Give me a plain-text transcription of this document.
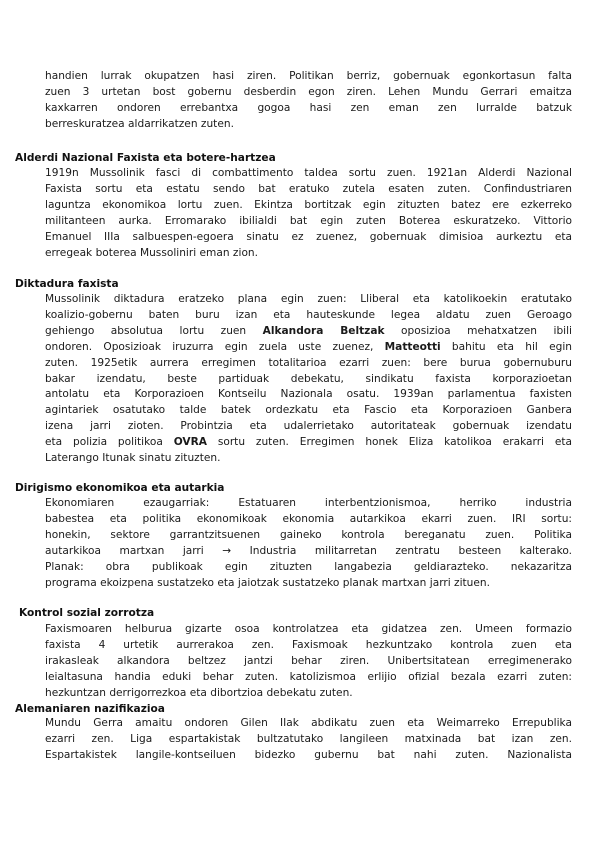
handien lurrak okupatzen hasi ziren. Politikan berriz, gobernuak egonkortasun falta
zuen 3 urtetan bost gobernu desberdin egon ziren. Lehen Mundu Gerrari emaitza
kaxkarren ondoren errebantxa gogoa hasi zen eman zen lurralde batzuk
berreskuratzea aldarrikatzen zuten.
Alderdi Nazional Faxista eta botere-hartzea
1919n Mussolinik fasci di combattimento taldea sortu zuen. 1921an Alderdi Nazional
Faxista sortu eta estatu sendo bat eratuko zutela esaten zuten. Confindustriaren
laguntza ekonomikoa lortu zuen. Ekintza bortitzak egin zituzten batez ere ezkerreko
militanteen aurka. Erromarako ibilialdi bat egin zuten Boterea eskuratzeko. Vittorio
Emanuel IIIa salbuespen-egoera sinatu ez zuenez, gobernuak dimisioa aurkeztu eta
erregeak boterea Mussoliniri eman zion.
Diktadura faxista
Mussolinik diktadura eratzeko plana egin zuen: Lliberal eta katolikoekin eratutako
koalizio-gobernu baten buru izan eta hauteskunde legea aldatu zuen Geroago
gehiengo absolutua lortu zuen Alkandora Beltzak oposizioa mehatxatzen ibili
ondoren. Oposizioak iruzurra egin zuela uste zuenez, Matteotti bahitu eta hil egin
zuten. 1925etik aurrera erregimen totalitarioa ezarri zuen: bere burua gobernuburu
bakar izendatu, beste partiduak debekatu, sindikatu faxista korporazioetan
antolatu eta Korporazioen Kontseilu Nazionala osatu. 1939an parlamentua faxisten
agintariek osatutako talde batek ordezkatu eta Fascio eta Korporazioen Ganbera
izena jarri zioten. Probintzia eta udalerrietako autoritateak gobernuak izendatu
eta polizia politikoa OVRA sortu zuten. Erregimen honek Eliza katolikoa erakarri eta
Laterango Itunak sinatu zituzten.
Dirigismo ekonomikoa eta autarkia
Ekonomiaren ezaugarriak: Estatuaren interbentzionismoa, herriko industria
babestea eta politika ekonomikoak ekonomia autarkikoa ekarri zuen. IRI sortu:
honekin, sektore garrantzitsuenen gaineko kontrola bereganatu zuen. Politika
autarkikoa martxan jarri → Industria militarretan zentratu besteen kalterako.
Planak: obra publikoak egin zituzten langabezia geldiarazteko. nekazaritza
programa ekoizpena sustatzeko eta jaiotzak sustatzeko planak martxan jarri zituen.
Kontrol sozial zorrotza
Faxismoaren helburua gizarte osoa kontrolatzea eta gidatzea zen. Umeen formazio
faxista 4 urtetik aurrerakoa zen. Faxismoak hezkuntzako kontrola zuen eta
irakasleak alkandora beltzez jantzi behar ziren. Unibertsitatean erregimenerako
leialtasuna handia eduki behar zuten. katolizismoa erlijio ofizial bezala ezarri zuten:
hezkuntzan derrigorrezkoa eta dibortzioa debekatu zuten.
Alemaniaren nazifikazioa
Mundu Gerra amaitu ondoren Gilen IIak abdikatu zuen eta Weimarreko Errepublika
ezarri zen. Liga espartakistak bultzatutako langileen matxinada bat izan zen.
Espartakistek langile-kontseiluen bidezko gubernu bat nahi zuten. Nazionalista
